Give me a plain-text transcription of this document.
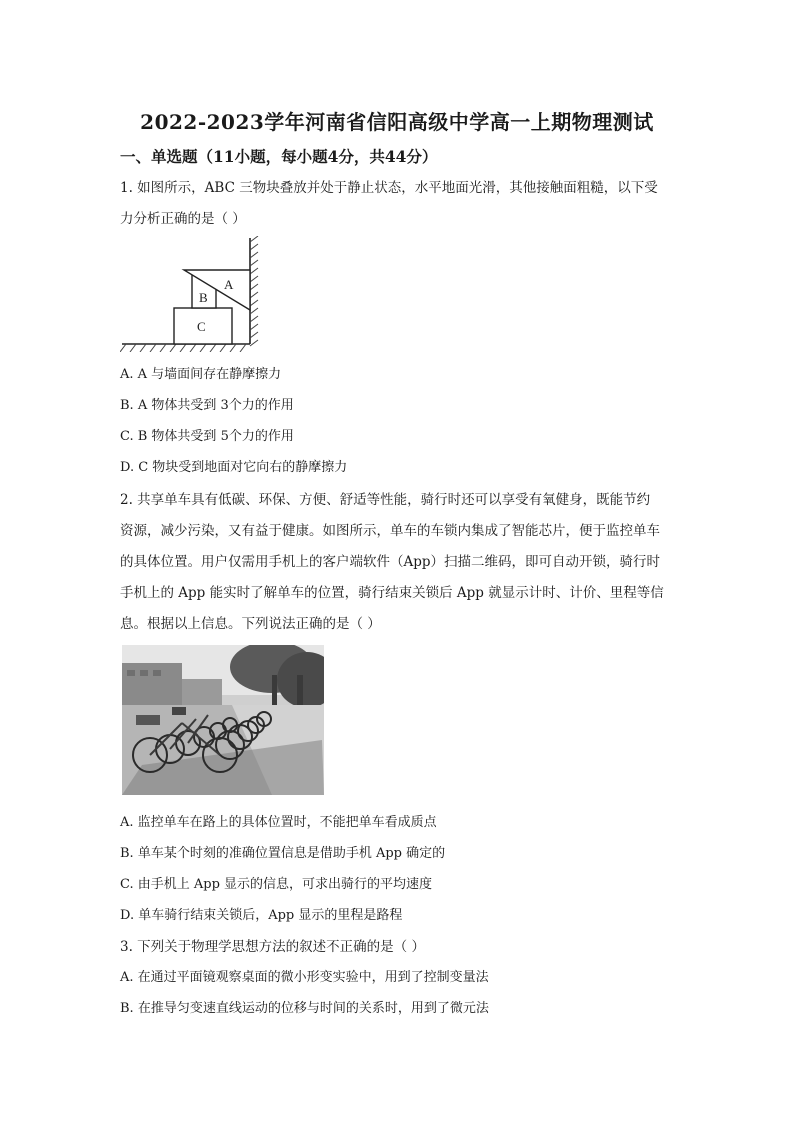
2022-2023学年河南省信阳高级中学高一上期物理测试
一、单选题（11小题，每小题4分，共44分）
1. 如图所示，ABC 三物块叠放并处于静止状态，水平地面光滑，其他接触面粗糙，以下受
力分析正确的是（ ）
A
B
C
A. A 与墙面间存在静摩擦力
B. A 物体共受到 3个力的作用
C. B 物体共受到 5个力的作用
D. C 物块受到地面对它向右的静摩擦力
2. 共享单车具有低碳、环保、方便、舒适等性能，骑行时还可以享受有氧健身，既能节约
资源，减少污染，又有益于健康。如图所示，单车的车锁内集成了智能芯片，便于监控单车
的具体位置。用户仅需用手机上的客户端软件（App）扫描二维码，即可自动开锁，骑行时
手机上的 App 能实时了解单车的位置，骑行结束关锁后 App 就显示计时、计价、里程等信
息。根据以上信息。下列说法正确的是（ ）
A. 监控单车在路上的具体位置时，不能把单车看成质点
B. 单车某个时刻的准确位置信息是借助手机 App 确定的
C. 由手机上 App 显示的信息，可求出骑行的平均速度
D. 单车骑行结束关锁后，App 显示的里程是路程
3. 下列关于物理学思想方法的叙述不正确的是（ ）
A. 在通过平面镜观察桌面的微小形变实验中，用到了控制变量法
B. 在推导匀变速直线运动的位移与时间的关系时，用到了微元法
